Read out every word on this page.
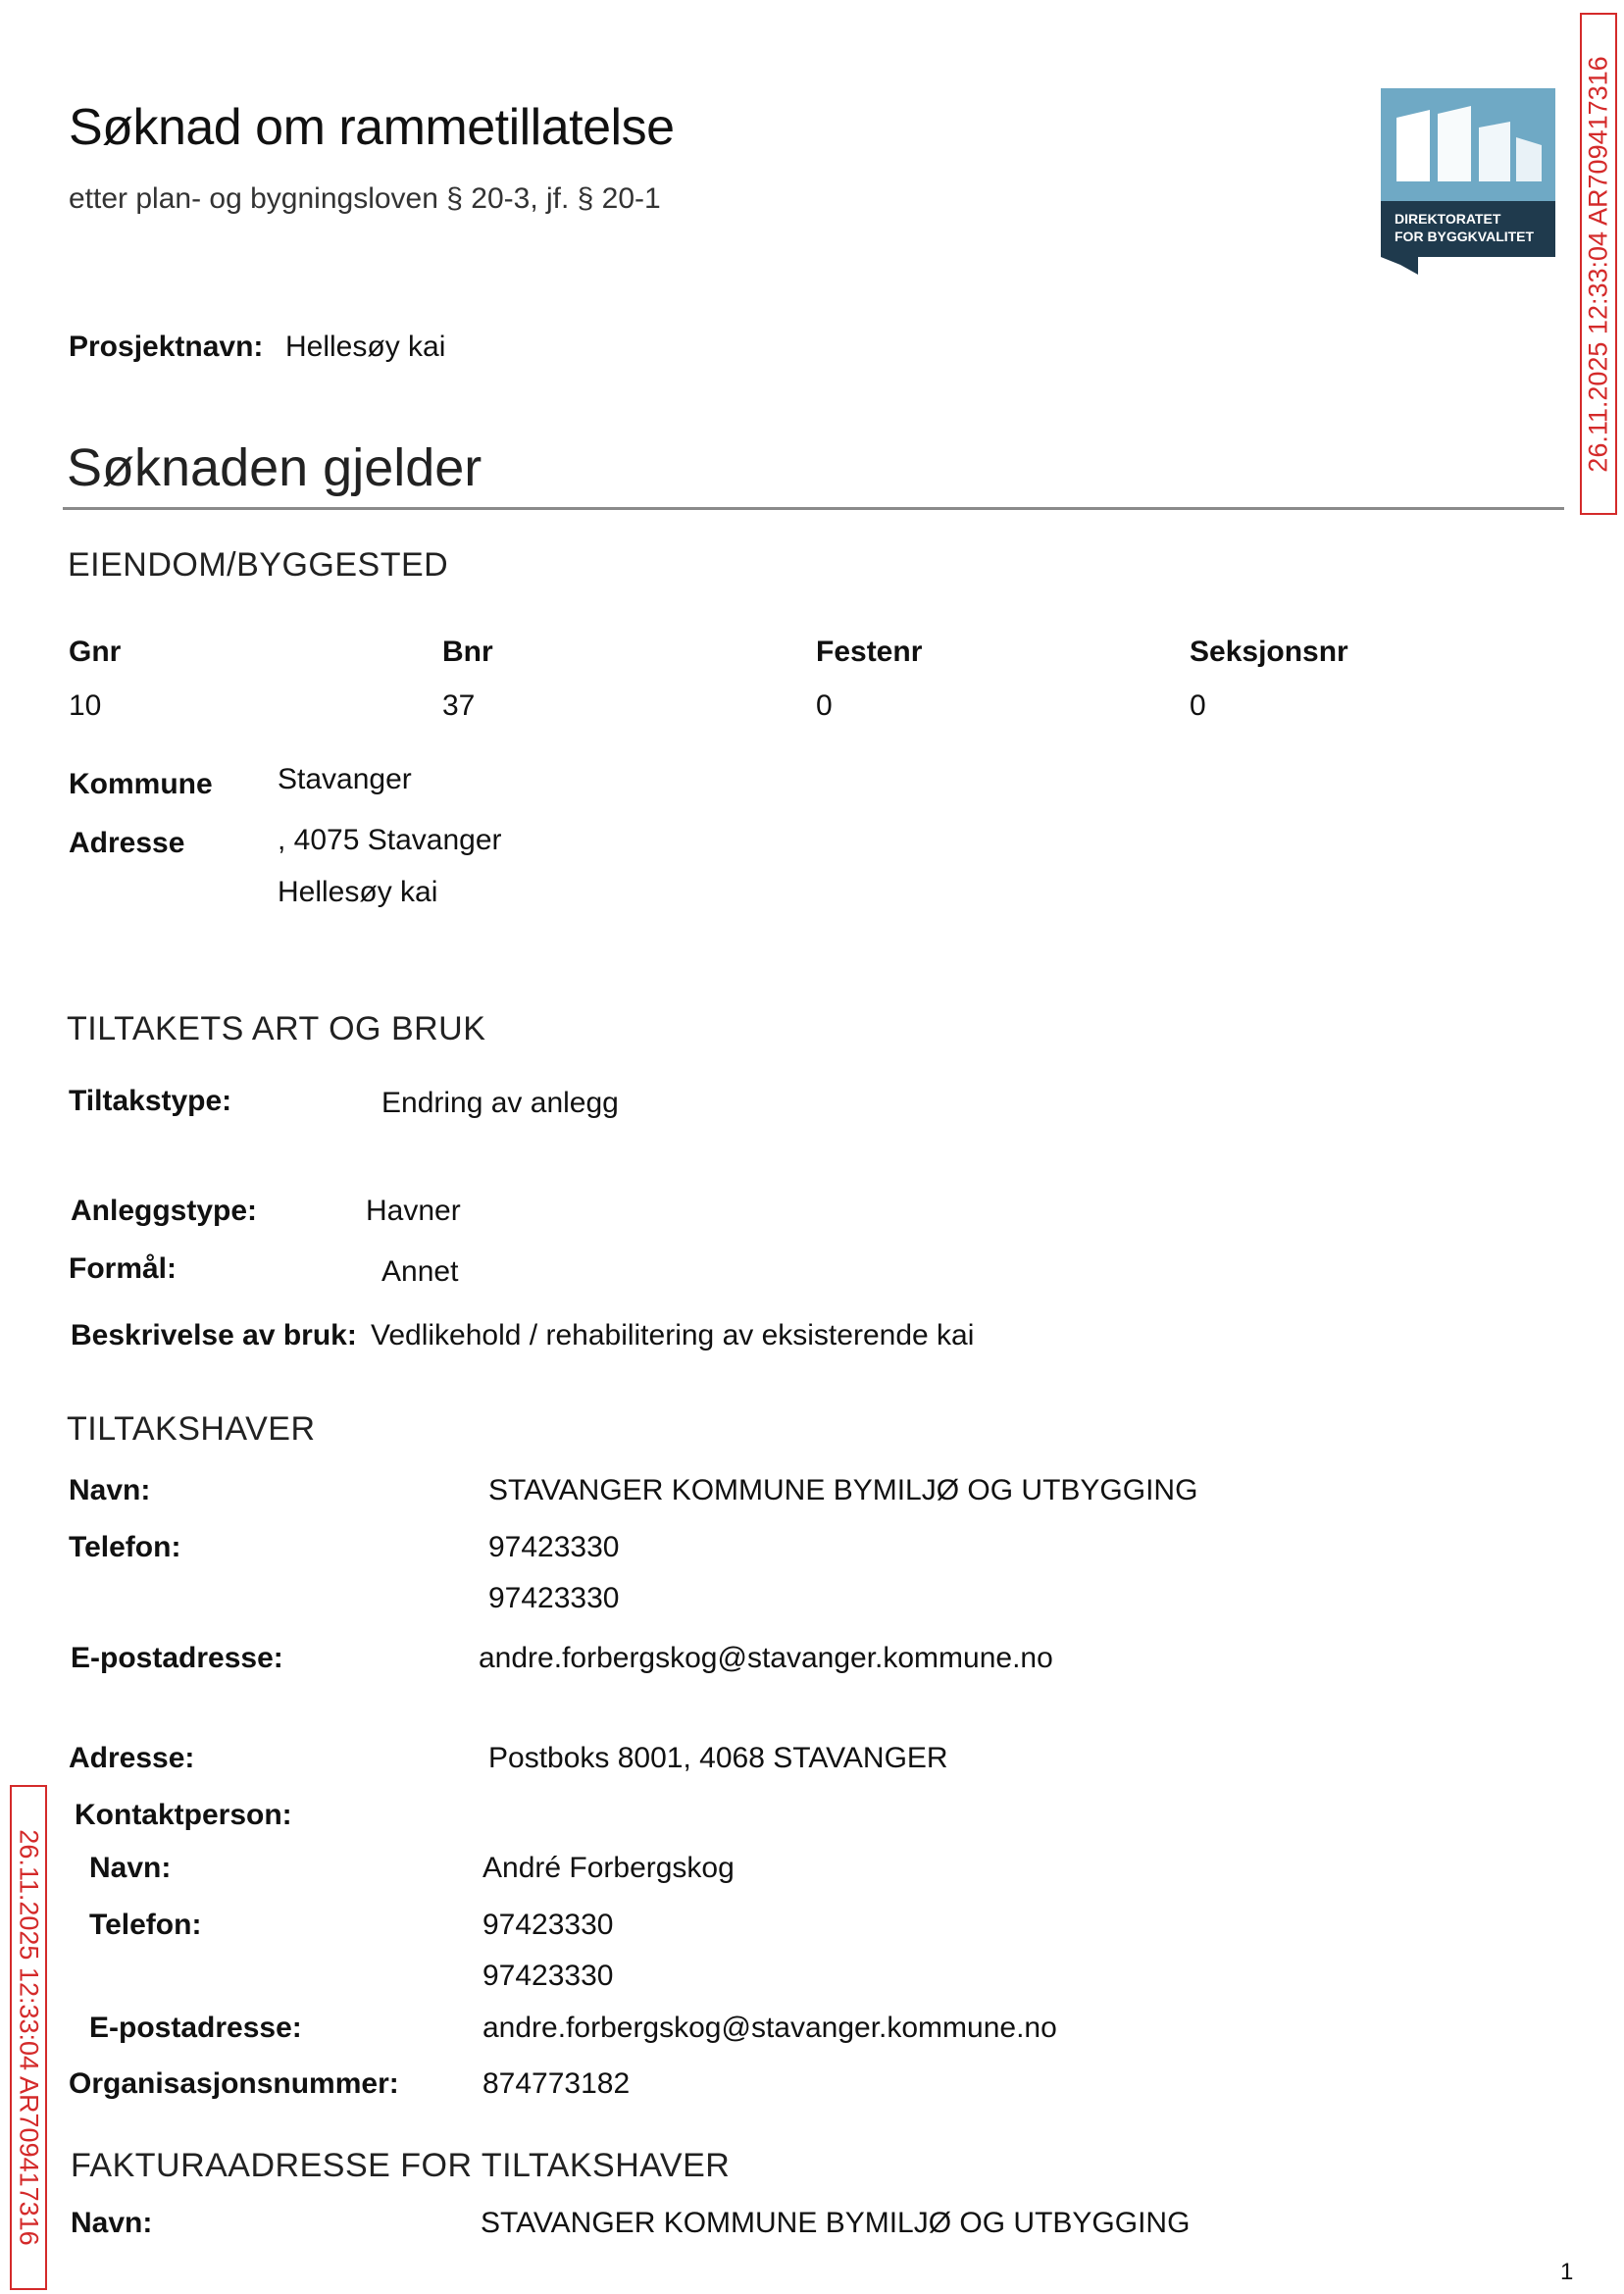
Søknad om rammetillatelse
etter plan- og bygningsloven § 20-3, jf. § 20-1
DIREKTORATET
FOR BYGGKVALITET
Prosjektnavn: Hellesøy kai
Søknaden gjelder
EIENDOM/BYGGESTED
Gnr	Bnr	Festenr	Seksjonsnr
10	37	0	0
Kommune Stavanger
Adresse	, 4075 Stavanger
Hellesøy kai
TILTAKETS ART OG BRUK
Tiltakstype:	Endring av anlegg
Anleggstype:	Havner
Formål:	Annet
Beskrivelse av bruk: Vedlikehold / rehabilitering av eksisterende kai
TILTAKSHAVER
Navn:	STAVANGER KOMMUNE BYMILJØ OG UTBYGGING
Telefon:	97423330
97423330
E-postadresse:	andre.forbergskog@stavanger.kommune.no
Adresse:	Postboks 8001, 4068 STAVANGER
Kontaktperson:
Navn:	André Forbergskog
Telefon:	97423330
97423330
E-postadresse:	andre.forbergskog@stavanger.kommune.no
Organisasjonsnummer:	874773182
FAKTURAADRESSE FOR TILTAKSHAVER
Navn:	STAVANGER KOMMUNE BYMILJØ OG UTBYGGING
26.11.2025 12:33:04 AR709417316
26.11.2025 12:33:04 AR709417316
1
